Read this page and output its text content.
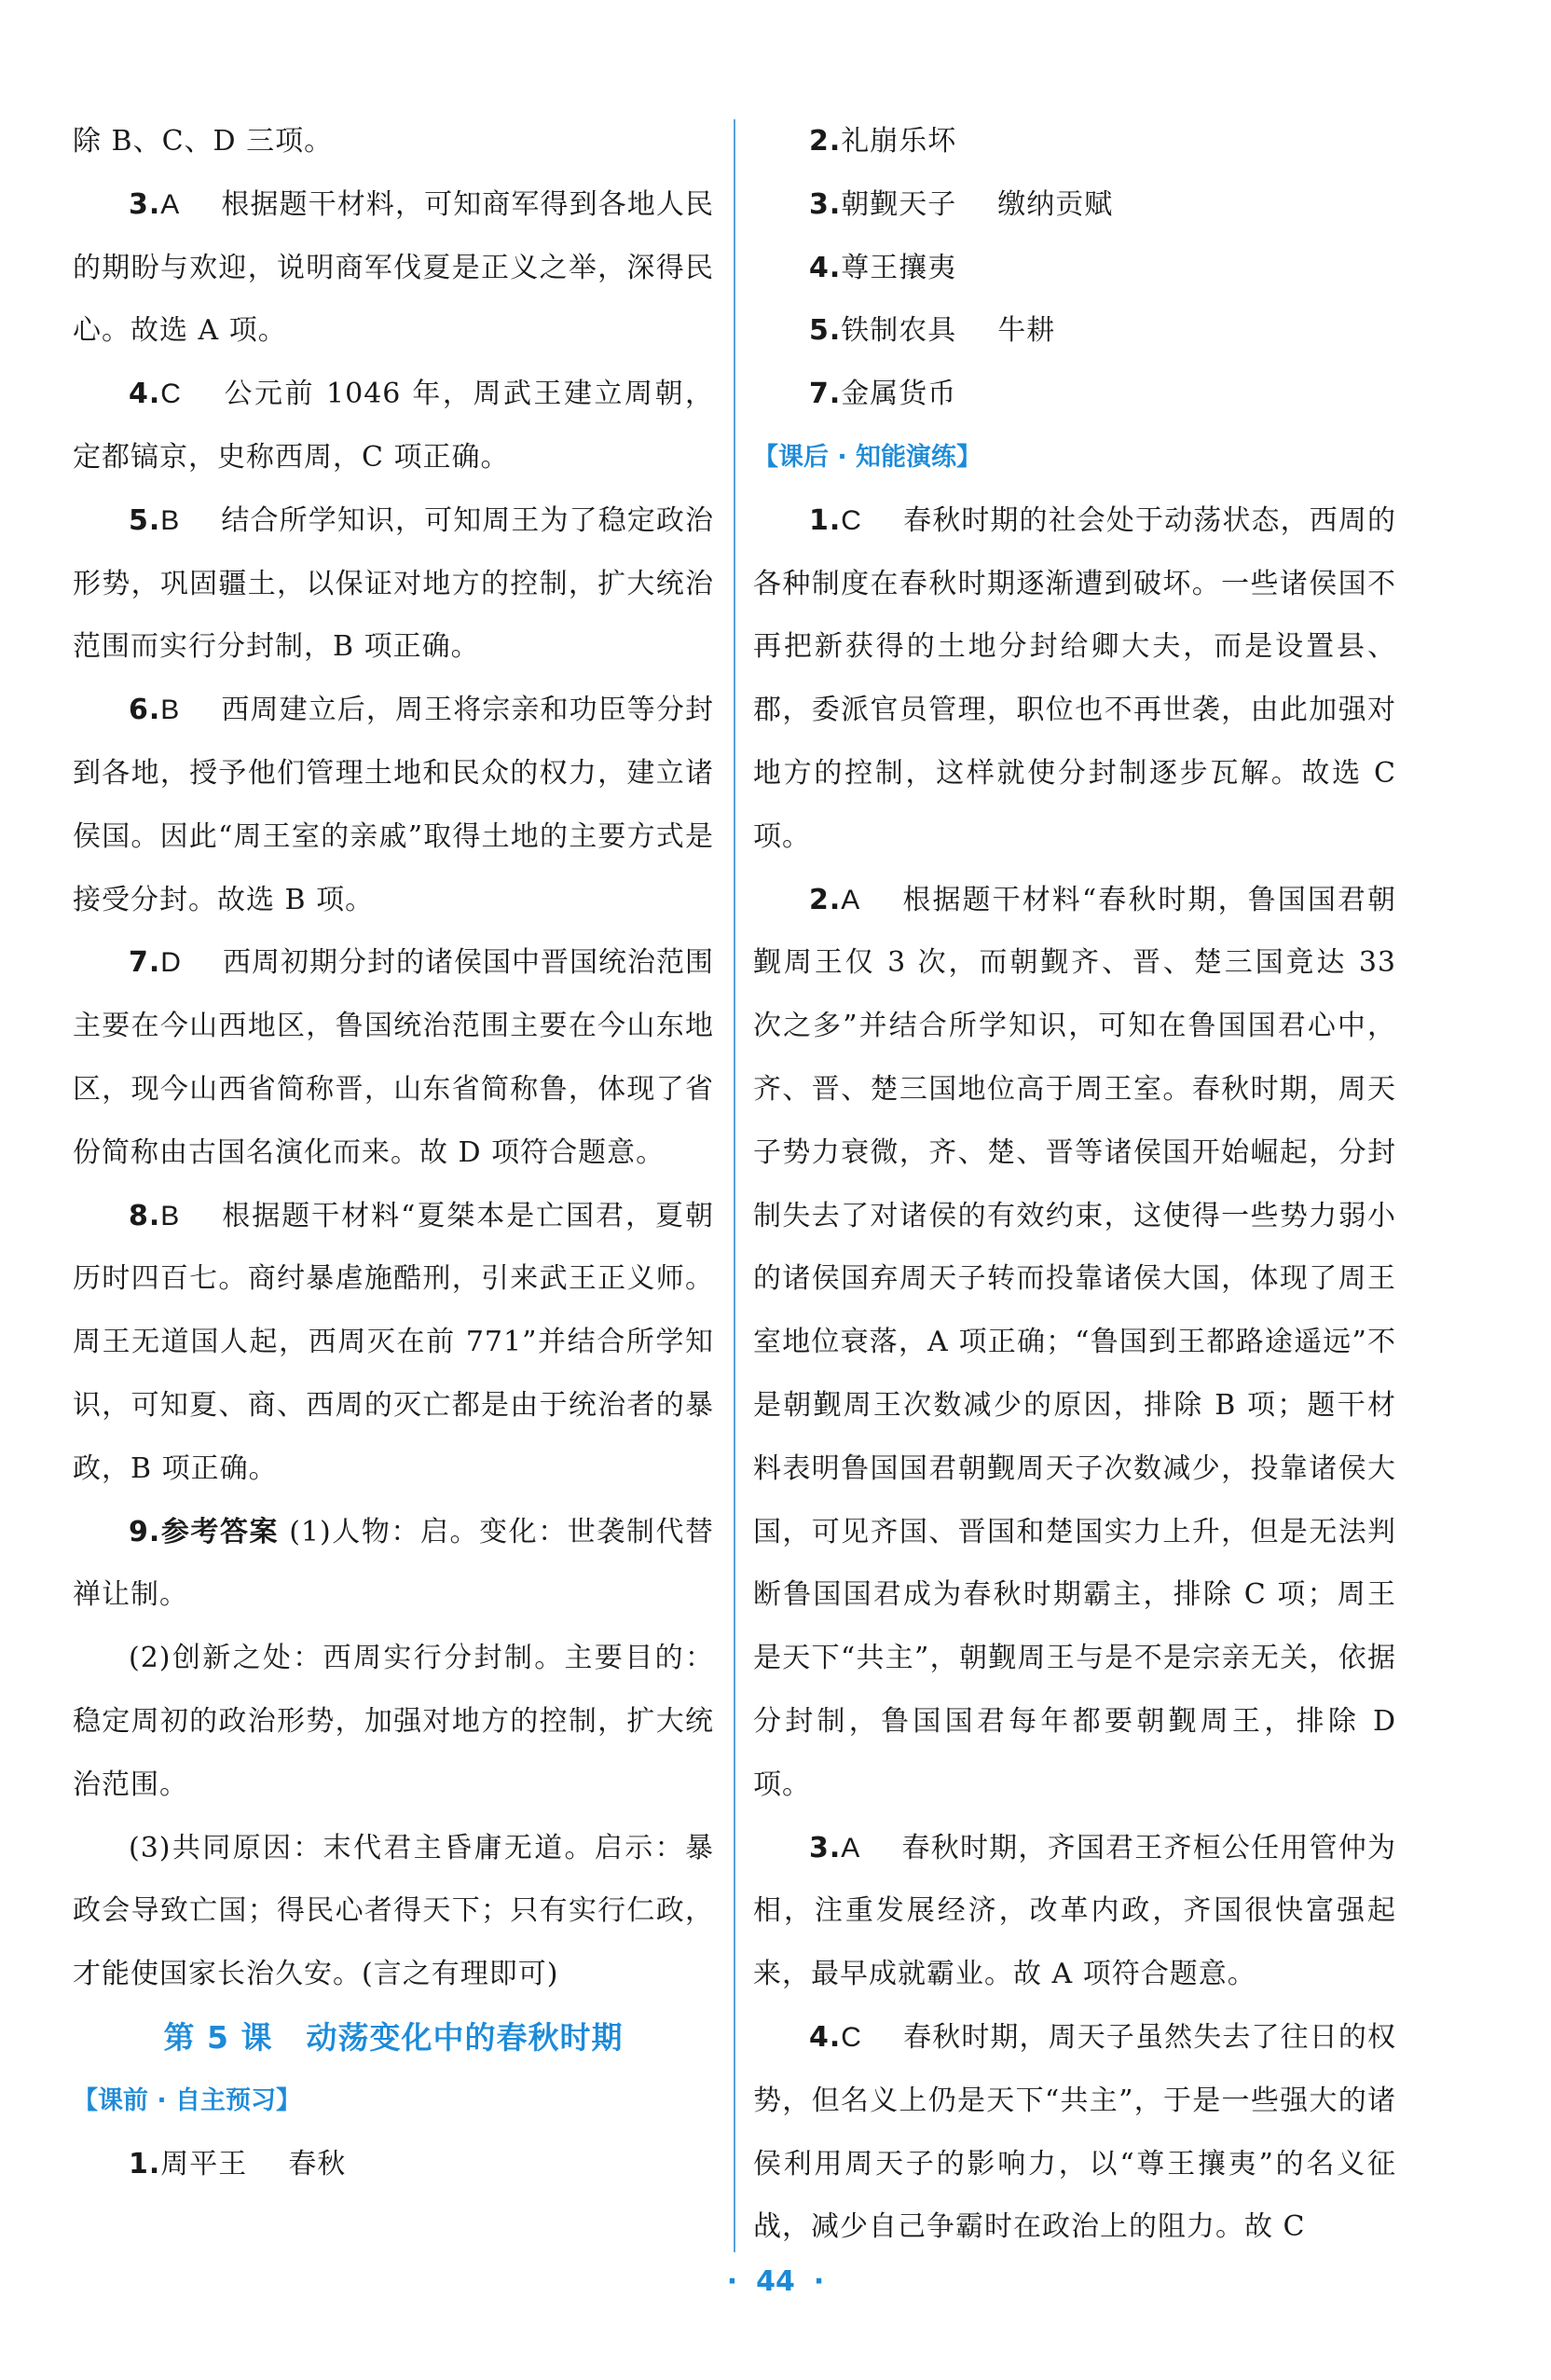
除 B、C、D 三项。

3.A 根据题干材料，可知商军得到各地人民的期盼与欢迎，说明商军伐夏是正义之举，深得民心。故选 A 项。

4.C 公元前 1046 年，周武王建立周朝，定都镐京，史称西周，C 项正确。

5.B 结合所学知识，可知周王为了稳定政治形势，巩固疆土，以保证对地方的控制，扩大统治范围而实行分封制，B 项正确。

6.B 西周建立后，周王将宗亲和功臣等分封到各地，授予他们管理土地和民众的权力，建立诸侯国。因此“周王室的亲戚”取得土地的主要方式是接受分封。故选 B 项。

7.D 西周初期分封的诸侯国中晋国统治范围主要在今山西地区，鲁国统治范围主要在今山东地区，现今山西省简称晋，山东省简称鲁，体现了省份简称由古国名演化而来。故 D 项符合题意。

8.B 根据题干材料“夏桀本是亡国君，夏朝历时四百七。商纣暴虐施酷刑，引来武王正义师。周王无道国人起，西周灭在前 771”并结合所学知识，可知夏、商、西周的灭亡都是由于统治者的暴政，B 项正确。

9.参考答案 (1)人物：启。变化：世袭制代替禅让制。

(2)创新之处：西周实行分封制。主要目的：稳定周初的政治形势，加强对地方的控制，扩大统治范围。

(3)共同原因：末代君主昏庸无道。启示：暴政会导致亡国；得民心者得天下；只有实行仁政，才能使国家长治久安。(言之有理即可)

第 5 课 动荡变化中的春秋时期

【课前 · 自主预习】

1.周平王 春秋

2.礼崩乐坏

3.朝觐天子 缴纳贡赋

4.尊王攘夷

5.铁制农具 牛耕

7.金属货币

【课后 · 知能演练】

1.C 春秋时期的社会处于动荡状态，西周的各种制度在春秋时期逐渐遭到破坏。一些诸侯国不再把新获得的土地分封给卿大夫，而是设置县、郡，委派官员管理，职位也不再世袭，由此加强对地方的控制，这样就使分封制逐步瓦解。故选 C 项。

2.A 根据题干材料“春秋时期，鲁国国君朝觐周王仅 3 次，而朝觐齐、晋、楚三国竟达 33 次之多”并结合所学知识，可知在鲁国国君心中，齐、晋、楚三国地位高于周王室。春秋时期，周天子势力衰微，齐、楚、晋等诸侯国开始崛起，分封制失去了对诸侯的有效约束，这使得一些势力弱小的诸侯国弃周天子转而投靠诸侯大国，体现了周王室地位衰落，A 项正确；“鲁国到王都路途遥远”不是朝觐周王次数减少的原因，排除 B 项；题干材料表明鲁国国君朝觐周天子次数减少，投靠诸侯大国，可见齐国、晋国和楚国实力上升，但是无法判断鲁国国君成为春秋时期霸主，排除 C 项；周王是天下“共主”，朝觐周王与是不是宗亲无关，依据分封制，鲁国国君每年都要朝觐周王，排除 D 项。

3.A 春秋时期，齐国君王齐桓公任用管仲为相，注重发展经济，改革内政，齐国很快富强起来，最早成就霸业。故 A 项符合题意。

4.C 春秋时期，周天子虽然失去了往日的权势，但名义上仍是天下“共主”，于是一些强大的诸侯利用周天子的影响力，以“尊王攘夷”的名义征战，减少自己争霸时在政治上的阻力。故 C

· 44 ·
